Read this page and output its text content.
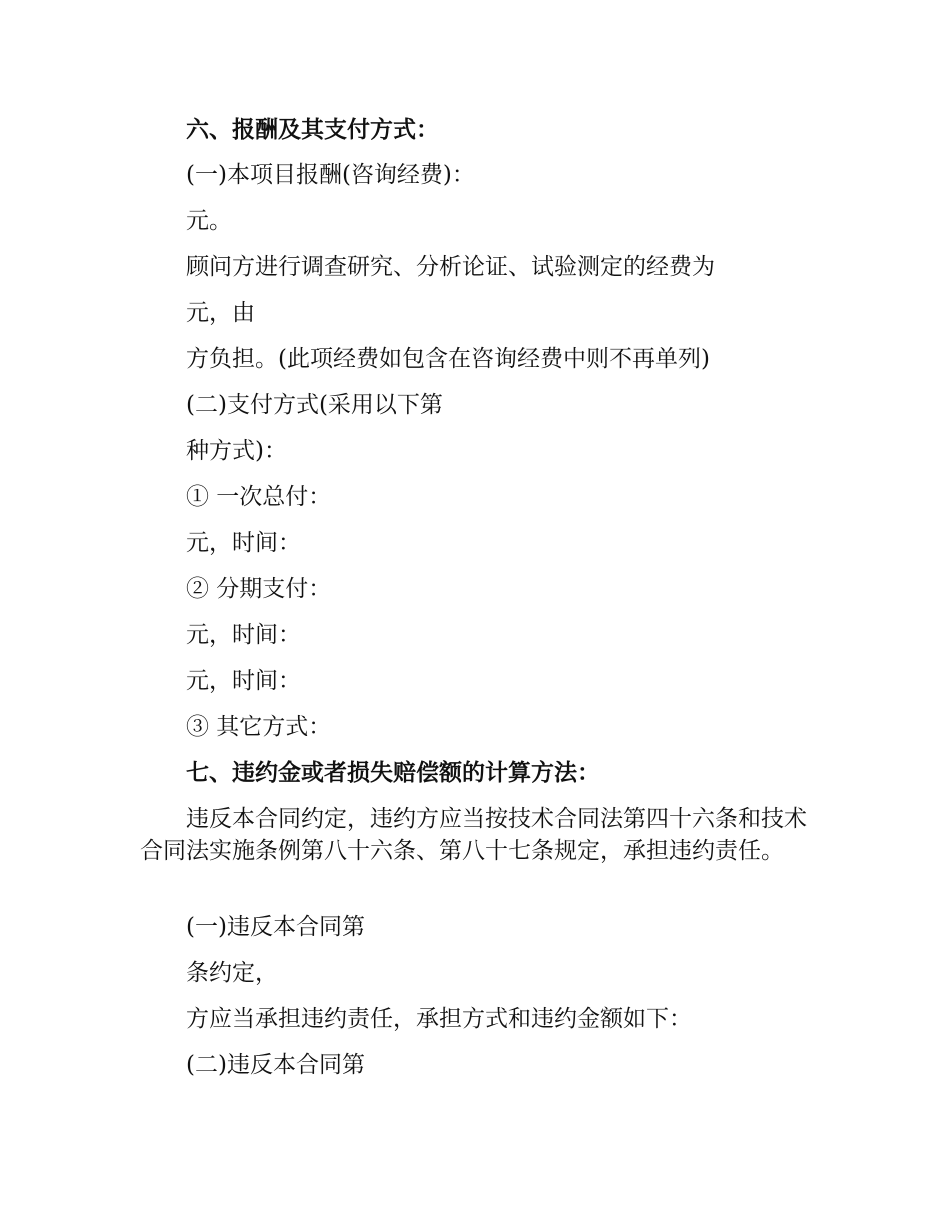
六、报酬及其支付方式：
(一)本项目报酬(咨询经费)：
元。
顾问方进行调查研究、分析论证、试验测定的经费为
元，由
方负担。(此项经费如包含在咨询经费中则不再单列)
(二)支付方式(采用以下第
种方式)：
① 一次总付：
元，时间：
② 分期支付：
元，时间：
元，时间：
③ 其它方式：
七、违约金或者损失赔偿额的计算方法：
违反本合同约定，违约方应当按技术合同法第四十六条和技术合同法实施条例第八十六条、第八十七条规定，承担违约责任。
(一)违反本合同第
条约定，
方应当承担违约责任，承担方式和违约金额如下：
(二)违反本合同第
